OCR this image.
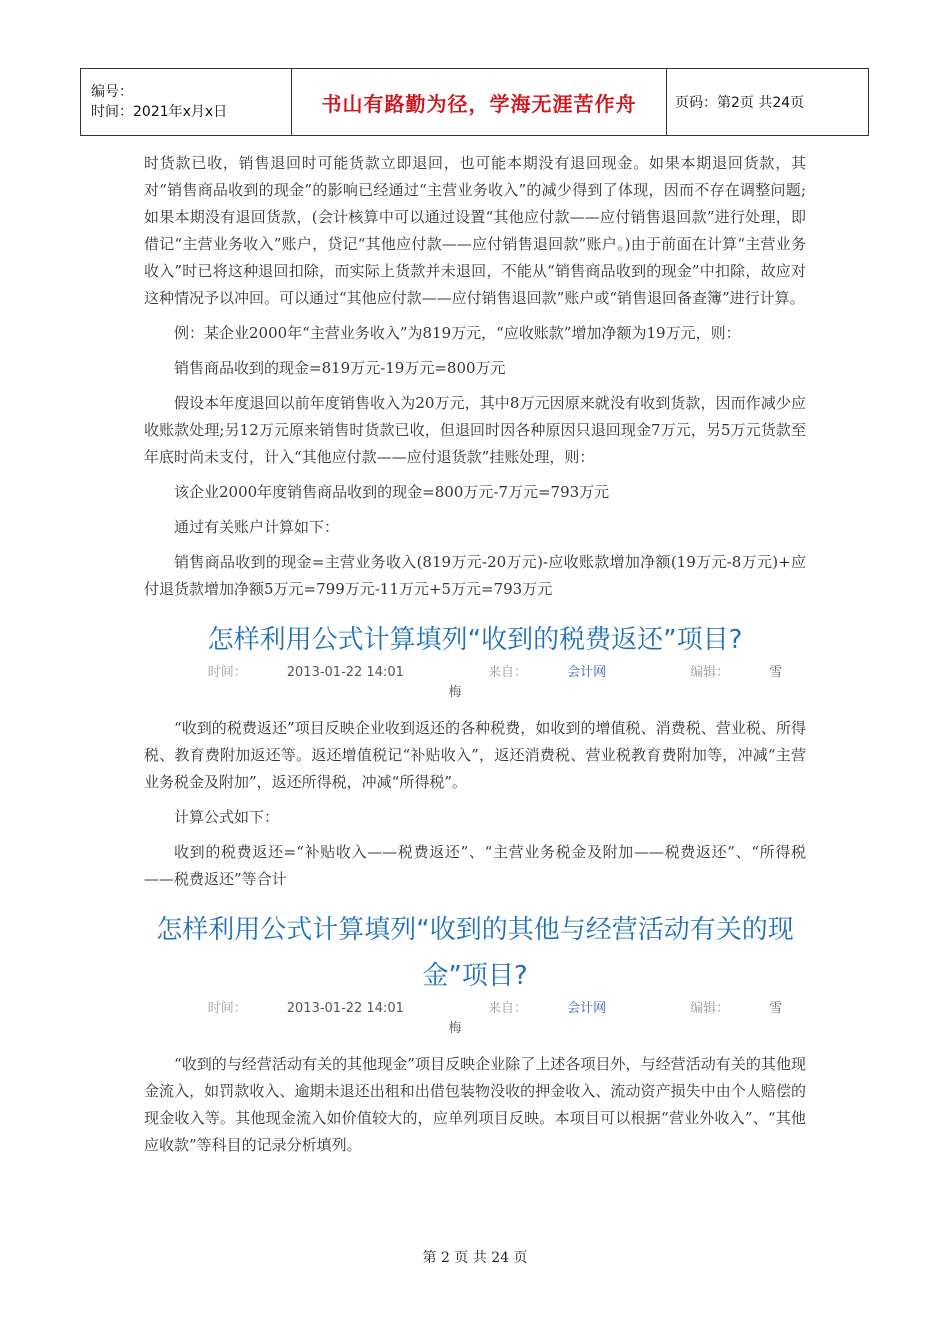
编号：
时间：2021年x月x日	书山有路勤为径，学海无涯苦作舟	页码：第2页 共24页

时货款已收，销售退回时可能货款立即退回，也可能本期没有退回现金。如果本期退回货款，其对“销售商品收到的现金”的影响已经通过“主营业务收入”的减少得到了体现，因而不存在调整问题;如果本期没有退回货款，(会计核算中可以通过设置“其他应付款——应付销售退回款”进行处理，即借记“主营业务收入”账户，贷记“其他应付款——应付销售退回款”账户。)由于前面在计算“主营业务收入”时已将这种退回扣除，而实际上货款并未退回，不能从“销售商品收到的现金”中扣除，故应对这种情况予以冲回。可以通过“其他应付款——应付销售退回款”账户或“销售退回备查簿”进行计算。

例：某企业2000年“主营业务收入”为819万元，“应收账款”增加净额为19万元，则：

销售商品收到的现金=819万元-19万元=800万元

假设本年度退回以前年度销售收入为20万元，其中8万元因原来就没有收到货款，因而作减少应收账款处理;另12万元原来销售时货款已收，但退回时因各种原因只退回现金7万元，另5万元货款至年底时尚未支付，计入“其他应付款——应付退货款”挂账处理，则：

该企业2000年度销售商品收到的现金=800万元-7万元=793万元

通过有关账户计算如下：

销售商品收到的现金=主营业务收入(819万元-20万元)-应收账款增加净额(19万元-8万元)+应付退货款增加净额5万元=799万元-11万元+5万元=793万元

怎样利用公式计算填列“收到的税费返还”项目?
时间：	2013-01-22 14:01	来自：	会计网	编辑：	雪梅

“收到的税费返还”项目反映企业收到返还的各种税费，如收到的增值税、消费税、营业税、所得税、教育费附加返还等。返还增值税记“补贴收入”，返还消费税、营业税教育费附加等，冲减“主营业务税金及附加”，返还所得税，冲减“所得税”。

计算公式如下：

收到的税费返还=“补贴收入——税费返还”、“主营业务税金及附加——税费返还”、“所得税——税费返还”等合计

怎样利用公式计算填列“收到的其他与经营活动有关的现金”项目?
时间：	2013-01-22 14:01	来自：	会计网	编辑：	雪梅

“收到的与经营活动有关的其他现金”项目反映企业除了上述各项目外，与经营活动有关的其他现金流入，如罚款收入、逾期未退还出租和出借包装物没收的押金收入、流动资产损失中由个人赔偿的现金收入等。其他现金流入如价值较大的，应单列项目反映。本项目可以根据“营业外收入”、“其他应收款”等科目的记录分析填列。

第 2 页 共 24 页
